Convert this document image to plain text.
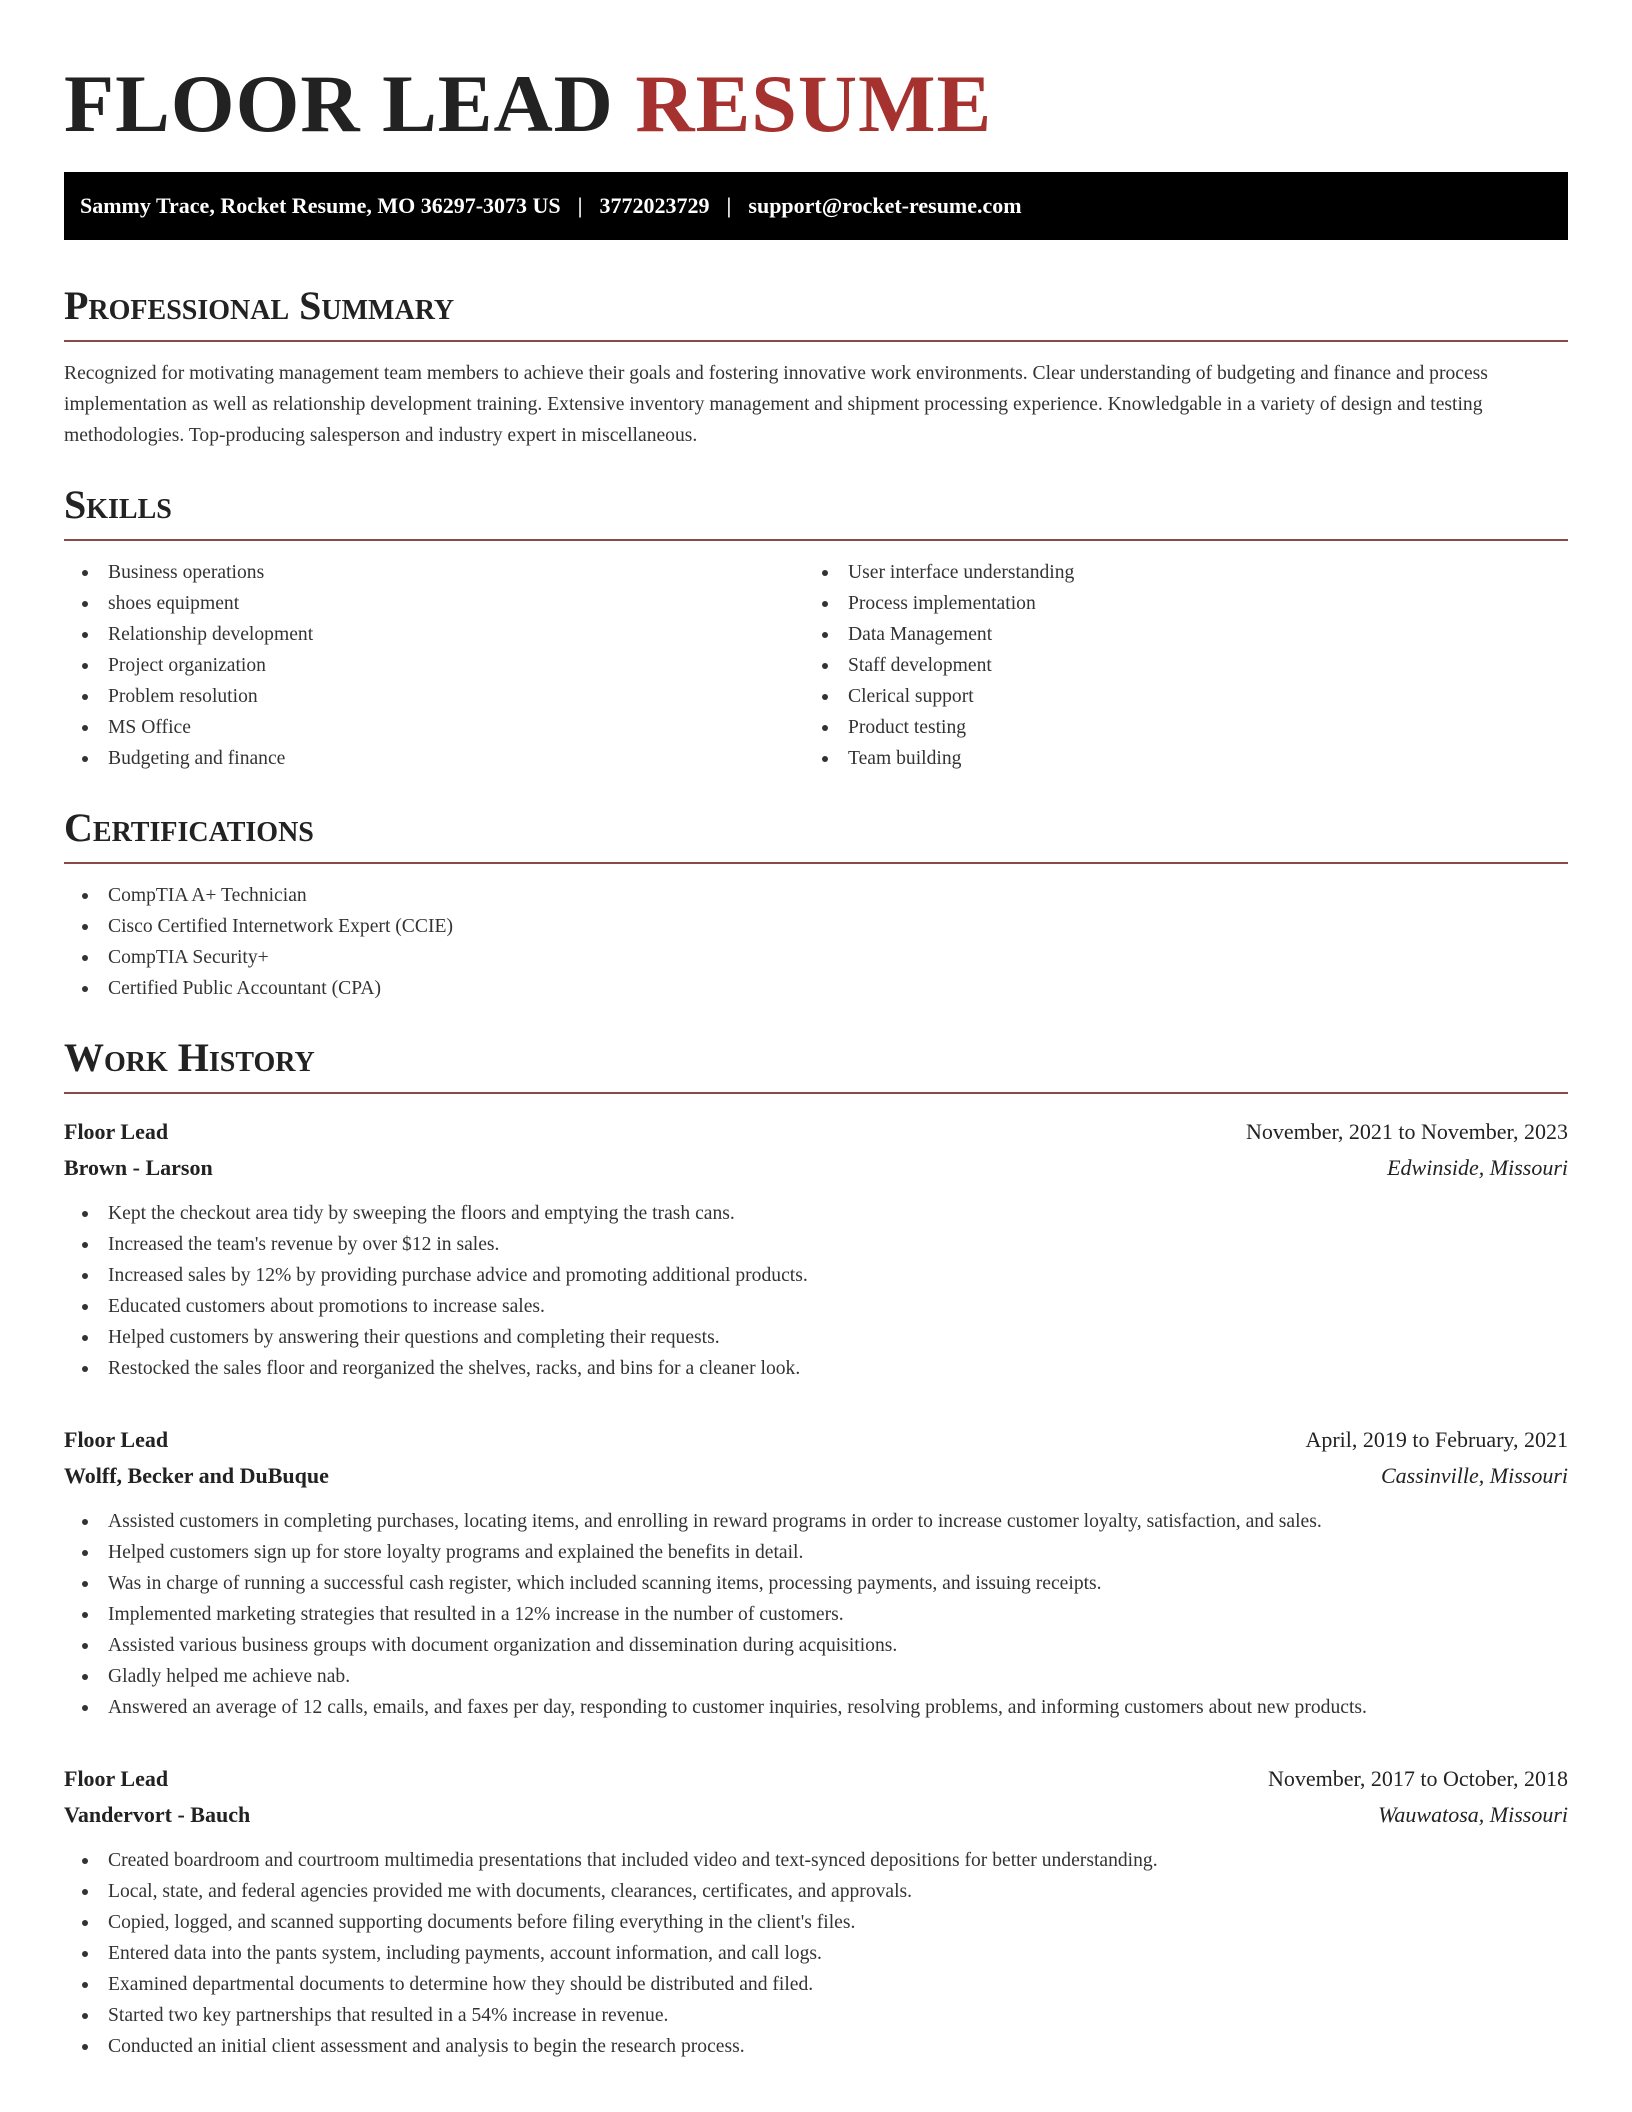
FLOOR LEAD RESUME
Sammy Trace, Rocket Resume, MO 36297-3073 US | 3772023729 | support@rocket-resume.com
Professional Summary

Recognized for motivating management team members to achieve their goals and fostering innovative work environments. Clear understanding of budgeting and finance and process implementation as well as relationship development training. Extensive inventory management and shipment processing experience. Knowledgable in a variety of design and testing methodologies. Top-producing salesperson and industry expert in miscellaneous.

Skills
Business operations
shoes equipment
Relationship development
Project organization
Problem resolution
MS Office
Budgeting and finance
User interface understanding
Process implementation
Data Management
Staff development
Clerical support
Product testing
Team building
Certifications
CompTIA A+ Technician
Cisco Certified Internetwork Expert (CCIE)
CompTIA Security+
Certified Public Accountant (CPA)
Work History
Floor Lead	November, 2021 to November, 2023
Brown - Larson	Edwinside, Missouri
Kept the checkout area tidy by sweeping the floors and emptying the trash cans.
Increased the team's revenue by over $12 in sales.
Increased sales by 12% by providing purchase advice and promoting additional products.
Educated customers about promotions to increase sales.
Helped customers by answering their questions and completing their requests.
Restocked the sales floor and reorganized the shelves, racks, and bins for a cleaner look.
Floor Lead	April, 2019 to February, 2021
Wolff, Becker and DuBuque	Cassinville, Missouri
Assisted customers in completing purchases, locating items, and enrolling in reward programs in order to increase customer loyalty, satisfaction, and sales.
Helped customers sign up for store loyalty programs and explained the benefits in detail.
Was in charge of running a successful cash register, which included scanning items, processing payments, and issuing receipts.
Implemented marketing strategies that resulted in a 12% increase in the number of customers.
Assisted various business groups with document organization and dissemination during acquisitions.
Gladly helped me achieve nab.
Answered an average of 12 calls, emails, and faxes per day, responding to customer inquiries, resolving problems, and informing customers about new products.
Floor Lead	November, 2017 to October, 2018
Vandervort - Bauch	Wauwatosa, Missouri
Created boardroom and courtroom multimedia presentations that included video and text-synced depositions for better understanding.
Local, state, and federal agencies provided me with documents, clearances, certificates, and approvals.
Copied, logged, and scanned supporting documents before filing everything in the client's files.
Entered data into the pants system, including payments, account information, and call logs.
Examined departmental documents to determine how they should be distributed and filed.
Started two key partnerships that resulted in a 54% increase in revenue.
Conducted an initial client assessment and analysis to begin the research process.
